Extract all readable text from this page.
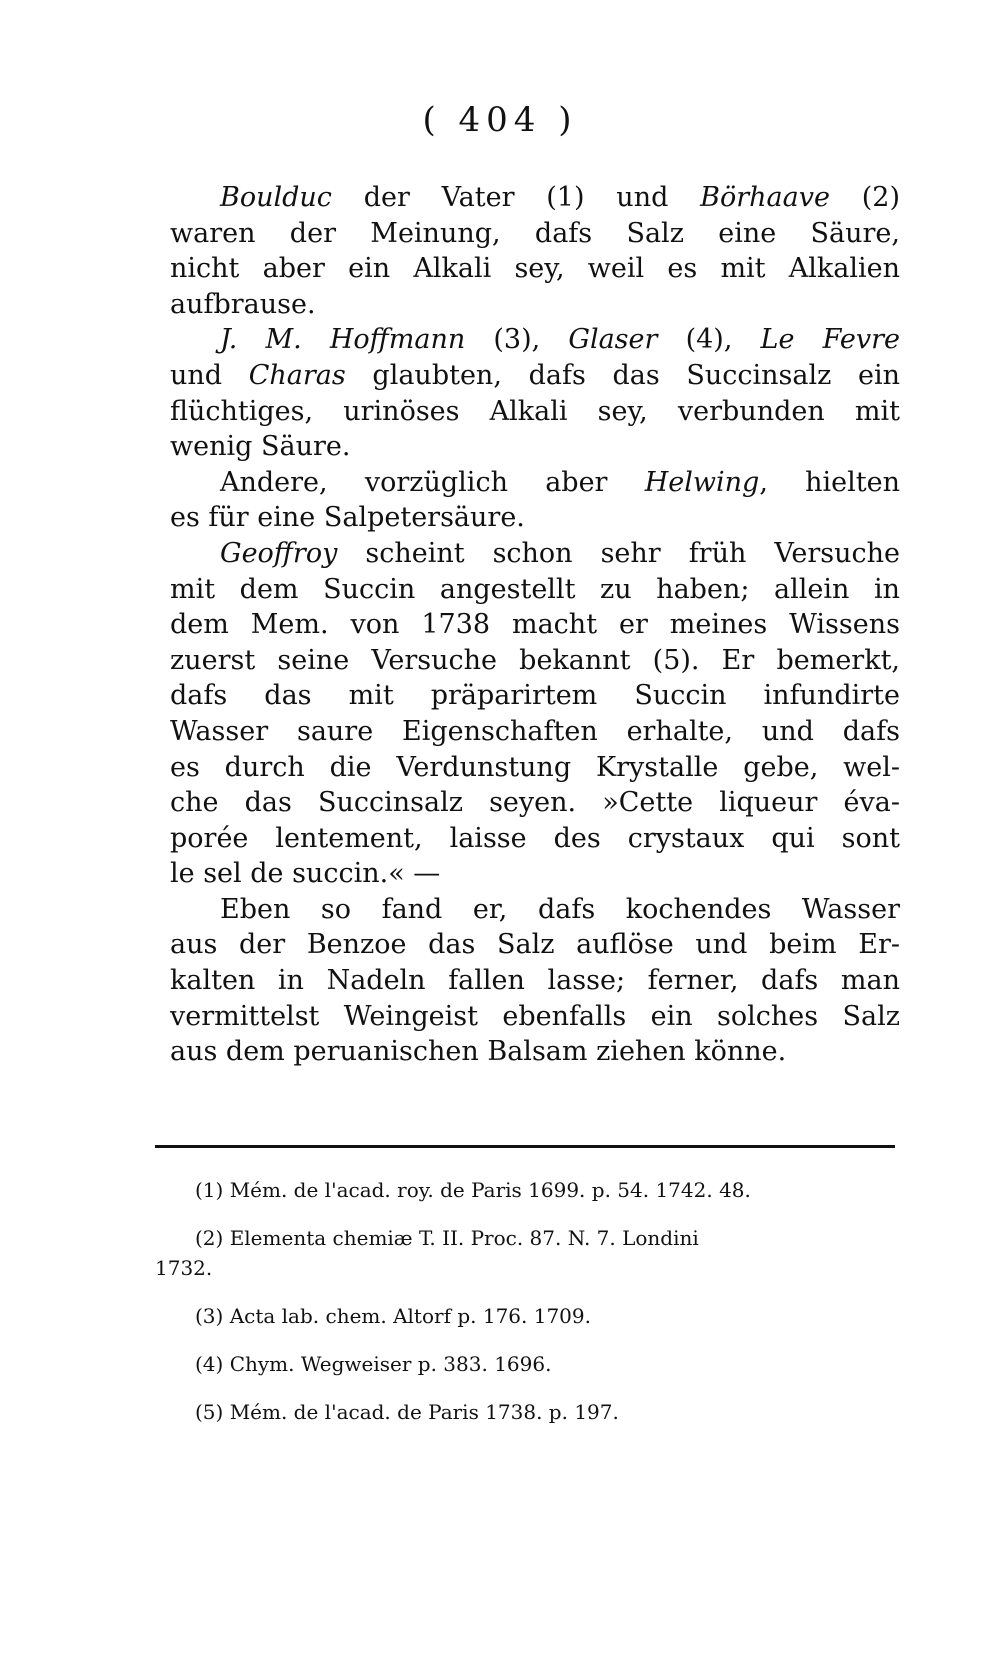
( 404 )
Boulduc der Vater (1) und Börhaave (2)
waren der Meinung, dafs Salz eine Säure,
nicht aber ein Alkali sey, weil es mit Alkalien
aufbrause.
J. M. Hoffmann (3), Glaser (4), Le Fevre
und Charas glaubten, dafs das Succinsalz ein
flüchtiges, urinöses Alkali sey, verbunden mit
wenig Säure.
Andere, vorzüglich aber Helwing, hielten
es für eine Salpetersäure.
Geoffroy scheint schon sehr früh Versuche
mit dem Succin angestellt zu haben; allein in
dem Mem. von 1738 macht er meines Wissens
zuerst seine Versuche bekannt (5). Er bemerkt,
dafs das mit präparirtem Succin infundirte
Wasser saure Eigenschaften erhalte, und dafs
es durch die Verdunstung Krystalle gebe, wel-
che das Succinsalz seyen. »Cette liqueur éva-
porée lentement, laisse des crystaux qui sont
le sel de succin.« —
Eben so fand er, dafs kochendes Wasser
aus der Benzoe das Salz auflöse und beim Er-
kalten in Nadeln fallen lasse; ferner, dafs man
vermittelst Weingeist ebenfalls ein solches Salz
aus dem peruanischen Balsam ziehen könne.
(1) Mém. de l'acad. roy. de Paris 1699. p. 54. 1742. 48.
(2) Elementa chemiæ T. II. Proc. 87. N. 7. Londini
1732.
(3) Acta lab. chem. Altorf p. 176. 1709.
(4) Chym. Wegweiser p. 383. 1696.
(5) Mém. de l'acad. de Paris 1738. p. 197.
